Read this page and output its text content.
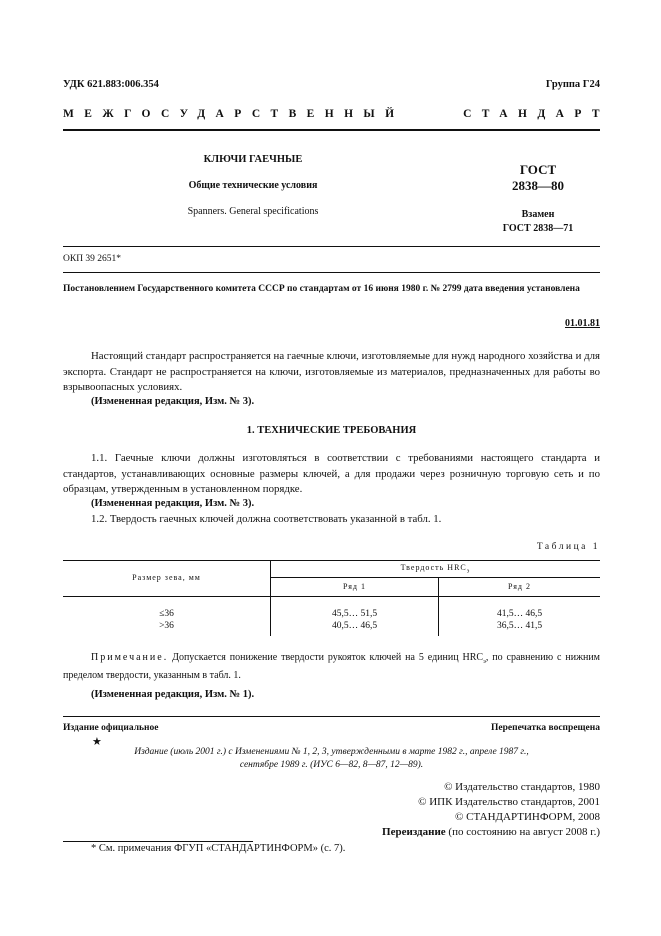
УДК 621.883:006.354	Группа Г24
МЕЖГОСУДАРСТВЕННЫЙ	СТАНДАРТ
КЛЮЧИ ГАЕЧНЫЕ
Общие технические условия
Spanners. General specifications
ГОСТ
2838—80
Взамен
ГОСТ 2838—71
ОКП 39 2651*
Постановлением Государственного комитета СССР по стандартам от 16 июня 1980 г. № 2799 дата введения установлена
01.01.81
Настоящий стандарт распространяется на гаечные ключи, изготовляемые для нужд народного хозяйства и для экспорта. Стандарт не распространяется на ключи, изготовляемые из материалов, предназначенных для работы во взрывоопасных условиях.
(Измененная редакция, Изм. № 3).
1. ТЕХНИЧЕСКИЕ ТРЕБОВАНИЯ
1.1. Гаечные ключи должны изготовляться в соответствии с требованиями настоящего стандарта и стандартов, устанавливающих основные размеры ключей, а для продажи через розничную торговую сеть и по образцам, утвержденным в установленном порядке.
(Измененная редакция, Изм. № 3).
1.2. Твердость гаечных ключей должна соответствовать указанной в табл. 1.
Таблица 1
Размер зева, мм
Твердость $HRC_э$
Ряд 1	Ряд 2
≤36	45,5… 51,5	41,5… 46,5
>36	40,5… 46,5	36,5… 41,5
Примечание. Допускается понижение твердости рукояток ключей на 5 единиц $HRC_э$, по сравнению с нижним пределом твердости, указанным в табл. 1.
(Измененная редакция, Изм. № 1).
Издание официальное	Перепечатка воспрещена
★
Издание (июль 2001 г.) с Изменениями № 1, 2, 3, утвержденными в марте 1982 г., апреле 1987 г.,
сентябре 1989 г. (ИУС 6—82, 8—87, 12—89).
© Издательство стандартов, 1980
© ИПК Издательство стандартов, 2001
© СТАНДАРТИНФОРМ, 2008
Переиздание (по состоянию на август 2008 г.)
* См. примечания ФГУП «СТАНДАРТИНФОРМ» (с. 7).
